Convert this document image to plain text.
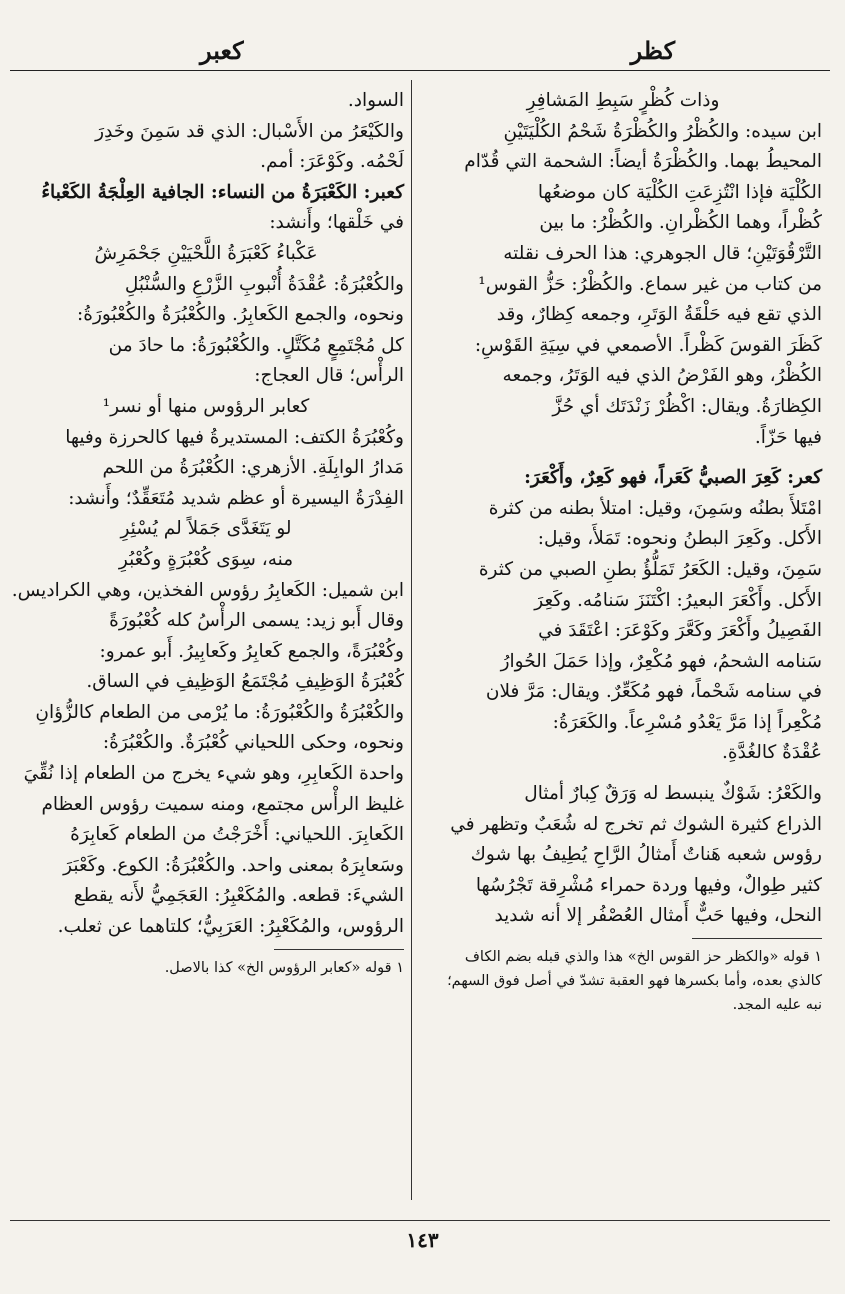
كظر
كعبر

وذات كُظْرٍ سَبِطِ المَشافِرِ

ابن سيده: والكُظْرُ والكُظْرَةُ شَحْمُ الكُلْيَتَيْنِ

المحيطُ بهما. والكُظْرَةُ أيضاً: الشحمة التي قُدّام

الكُلْيَة فإذا انْتُزِعَتِ الكُلْيَة كان موضعُها

كُظْراً، وهما الكُظْرانِ. والكُظْرُ: ما بين

التَّرْقُوَتَيْنِ؛ قال الجوهري: هذا الحرف نقلته

من كتاب من غير سماع. والكُظْرُ: حَزُّ القوس¹

الذي تقع فيه حَلْقَةُ الوَتَرِ، وجمعه كِظارٌ، وقد

كَظَرَ القوسَ كَظْراً. الأصمعي في سِيَةِ القَوْسِ:

الكُظْرُ، وهو الفَرْضُ الذي فيه الوَتَرُ، وجمعه

الكِظارَةُ. ويقال: اكْظُرْ زَنْدَتَك أي حُزَّ

فيها حَزّاً.

كعر: كَعِرَ الصبيُّ كَعَراً، فهو كَعِرٌ، وأَكْعَرَ:

امْتَلأَ بطنُه وسَمِنَ، وقيل: امتلأ بطنه من كثرة

الأَكل. وكَعِرَ البطنُ ونحوه: تَمَلأَ، وقيل:

سَمِنَ، وقيل: الكَعَرُ تَمَلُّؤُ بطنِ الصبي من كثرة

الأَكل. وأَكْعَرَ البعيرُ: اكْتَنَزَ سَنامُه. وكَعِرَ

الفَصِيلُ وأَكْعَرَ وكَعَّرَ وكَوْعَرَ: اعْتَقَدَ في

سَنامه الشحمُ، فهو مُكْعِرٌ، وإذا حَمَلَ الحُوارُ

في سنامه شَحْماً، فهو مُكَعِّرٌ. ويقال: مَرَّ فلان

مُكْعِراً إذا مَرَّ يَعْدُو مُسْرِعاً. والكَعَرَةُ:

عُقْدَةٌ كالغُدَّةِ.

والكَعْرُ: شَوْكٌ ينبسط له وَرَقٌ كِبارٌ أمثال

الذراع كثيرة الشوك ثم تخرج له شُعَبٌ وتظهر في

رؤوس شعبه هَناتٌ أَمثالُ الرَّاحِ يُطِيفُ بها شوك

كثير طِوالٌ، وفيها وردة حمراء مُشْرِقة تَجْرُسُها

النحل، وفيها حَبٌّ أَمثال العُصْفُر إلا أنه شديد

١ قوله «والكظر حز القوس الخ» هذا والذي قبله بضم الكاف

كالذي بعده، وأما بكسرها فهو العقبة تشدّ في أصل فوق السهم؛

نبه عليه المجد.

السواد.

والكَيْعَرُ من الأَسْبال: الذي قد سَمِنَ وخَدِرَ

لَحْمُه. وكَوْعَرَ: أمم.

كعبر: الكَعْبَرَةُ من النساء: الجافية العِلْجَةُ الكَعْباءُ

في خَلْقها؛ وأَنشد:

عَكْباءُ كَعْبَرَةُ اللَّحْيَيْنِ جَحْمَرِشُ

والكُعْبُرَةُ: عُقْدَةُ أُنْبوبِ الزَّرْعِ والسُّنْبُلِ

ونحوه، والجمع الكَعابِرُ. والكُعْبُرَةُ والكُعْبُورَةُ:

كل مُجْتَمِعٍ مُكَتَّلٍ. والكُعْبُورَةُ: ما حادَ من

الرأْس؛ قال العجاج:

كعابر الرؤوس منها أو نسر¹

وكُعْبُرَةُ الكتف: المستديرةُ فيها كالحرزة وفيها

مَدارُ الوابِلَةِ. الأزهري: الكُعْبُرَةُ من اللحم

الفِدْرَةُ اليسيرة أو عظم شديد مُتَعَقِّدٌ؛ وأَنشد:

لو يَتَغَدَّى جَمَلاً لم يُسْئِرِ

منه، سِوَى كُعْبُرَةٍ وكُعْبُرِ

ابن شميل: الكَعابِرُ رؤوس الفخذين، وهي الكراديس.

وقال أَبو زيد: يسمى الرأْسُ كله كُعْبُورَةً

وكُعْبُرَةً، والجمع كَعابِرُ وكَعابِيرُ. أَبو عمرو:

كُعْبُرَةُ الوَظِيفِ مُجْتَمَعُ الوَظِيفِ في الساق.

والكُعْبُرَةُ والكُعْبُورَةُ: ما يُرْمى من الطعام كالزُّؤانِ

ونحوه، وحكى اللحياني كُعْبُرَةٌ. والكُعْبُرَةُ:

واحدة الكَعابِرِ، وهو شيء يخرج من الطعام إذا نُقِّيَ

غليظ الرأْس مجتمع، ومنه سميت رؤوس العظام

الكَعابِرَ. اللحياني: أَخْرَجْتُ من الطعام كَعابِرَهُ

وسَعابِرَهُ بمعنى واحد. والكُعْبُرَةُ: الكوع. وكَعْبَرَ

الشيءَ: قطعه. والمُكَعْبِرُ: العَجَمِيُّ لأَنه يقطع

الرؤوس، والمُكَعْبِرُ: العَرَبِيُّ؛ كلتاهما عن ثعلب.

١ قوله «كعابر الرؤوس الخ» كذا بالاصل.

١٤٣
